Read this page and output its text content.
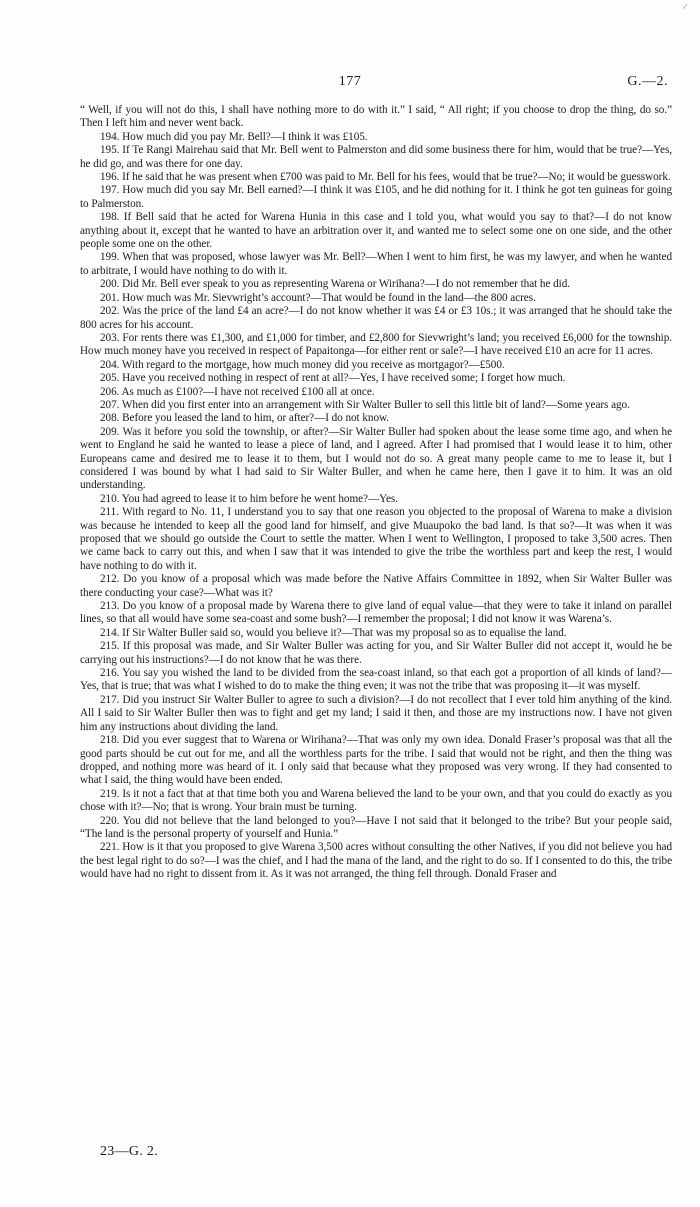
177	G.—2.

“ Well, if you will not do this, I shall have nothing more to do with it.” I said, “ All right; if you choose to drop the thing, do so.” Then I left him and never went back.

194. How much did you pay Mr. Bell?—I think it was £105.

195. If Te Rangi Mairehau said that Mr. Bell went to Palmerston and did some business there for him, would that be true?—Yes, he did go, and was there for one day.

196. If he said that he was present when £700 was paid to Mr. Bell for his fees, would that be true?—No; it would be guesswork.

197. How much did you say Mr. Bell earned?—I think it was £105, and he did nothing for it. I think he got ten guineas for going to Palmerston.

198. If Bell said that he acted for Warena Hunia in this case and I told you, what would you say to that?—I do not know anything about it, except that he wanted to have an arbitration over it, and wanted me to select some one on one side, and the other people some one on the other.

199. When that was proposed, whose lawyer was Mr. Bell?—When I went to him first, he was my lawyer, and when he wanted to arbitrate, I would have nothing to do with it.

200. Did Mr. Bell ever speak to you as representing Warena or Wirihana?—I do not remember that he did.

201. How much was Mr. Sievwright’s account?—That would be found in the land—the 800 acres.

202. Was the price of the land £4 an acre?—I do not know whether it was £4 or £3 10s.; it was arranged that he should take the 800 acres for his account.

203. For rents there was £1,300, and £1,000 for timber, and £2,800 for Sievwright’s land; you received £6,000 for the township. How much money have you received in respect of Papaitonga—for either rent or sale?—I have received £10 an acre for 11 acres.

204. With regard to the mortgage, how much money did you receive as mortgagor?—£500.

205. Have you received nothing in respect of rent at all?—Yes, I have received some; I forget how much.

206. As much as £100?—I have not received £100 all at once.

207. When did you first enter into an arrangement with Sir Walter Buller to sell this little bit of land?—Some years ago.

208. Before you leased the land to him, or after?—I do not know.

209. Was it before you sold the township, or after?—Sir Walter Buller had spoken about the lease some time ago, and when he went to England he said he wanted to lease a piece of land, and I agreed. After I had promised that I would lease it to him, other Europeans came and desired me to lease it to them, but I would not do so. A great many people came to me to lease it, but I considered I was bound by what I had said to Sir Walter Buller, and when he came here, then I gave it to him. It was an old understanding.

210. You had agreed to lease it to him before he went home?—Yes.

211. With regard to No. 11, I understand you to say that one reason you objected to the proposal of Warena to make a division was because he intended to keep all the good land for himself, and give Muaupoko the bad land. Is that so?—It was when it was proposed that we should go outside the Court to settle the matter. When I went to Wellington, I proposed to take 3,500 acres. Then we came back to carry out this, and when I saw that it was intended to give the tribe the worthless part and keep the rest, I would have nothing to do with it.

212. Do you know of a proposal which was made before the Native Affairs Committee in 1892, when Sir Walter Buller was there conducting your case?—What was it?

213. Do you know of a proposal made by Warena there to give land of equal value—that they were to take it inland on parallel lines, so that all would have some sea-coast and some bush?—I remember the proposal; I did not know it was Warena’s.

214. If Sir Walter Buller said so, would you believe it?—That was my proposal so as to equalise the land.

215. If this proposal was made, and Sir Walter Buller was acting for you, and Sir Walter Buller did not accept it, would he be carrying out his instructions?—I do not know that he was there.

216. You say you wished the land to be divided from the sea-coast inland, so that each got a proportion of all kinds of land?—Yes, that is true; that was what I wished to do to make the thing even; it was not the tribe that was proposing it—it was myself.

217. Did you instruct Sir Walter Buller to agree to such a division?—I do not recollect that I ever told him anything of the kind. All I said to Sir Walter Buller then was to fight and get my land; I said it then, and those are my instructions now. I have not given him any instructions about dividing the land.

218. Did you ever suggest that to Warena or Wirihana?—That was only my own idea. Donald Fraser’s proposal was that all the good parts should be cut out for me, and all the worthless parts for the tribe. I said that would not be right, and then the thing was dropped, and nothing more was heard of it. I only said that because what they proposed was very wrong. If they had consented to what I said, the thing would have been ended.

219. Is it not a fact that at that time both you and Warena believed the land to be your own, and that you could do exactly as you chose with it?—No; that is wrong. Your brain must be turning.

220. You did not believe that the land belonged to you?—Have I not said that it belonged to the tribe? But your people said, “The land is the personal property of yourself and Hunia.”

221. How is it that you proposed to give Warena 3,500 acres without consulting the other Natives, if you did not believe you had the best legal right to do so?—I was the chief, and I had the mana of the land, and the right to do so. If I consented to do this, the tribe would have had no right to dissent from it. As it was not arranged, the thing fell through. Donald Fraser and

23—G. 2.
